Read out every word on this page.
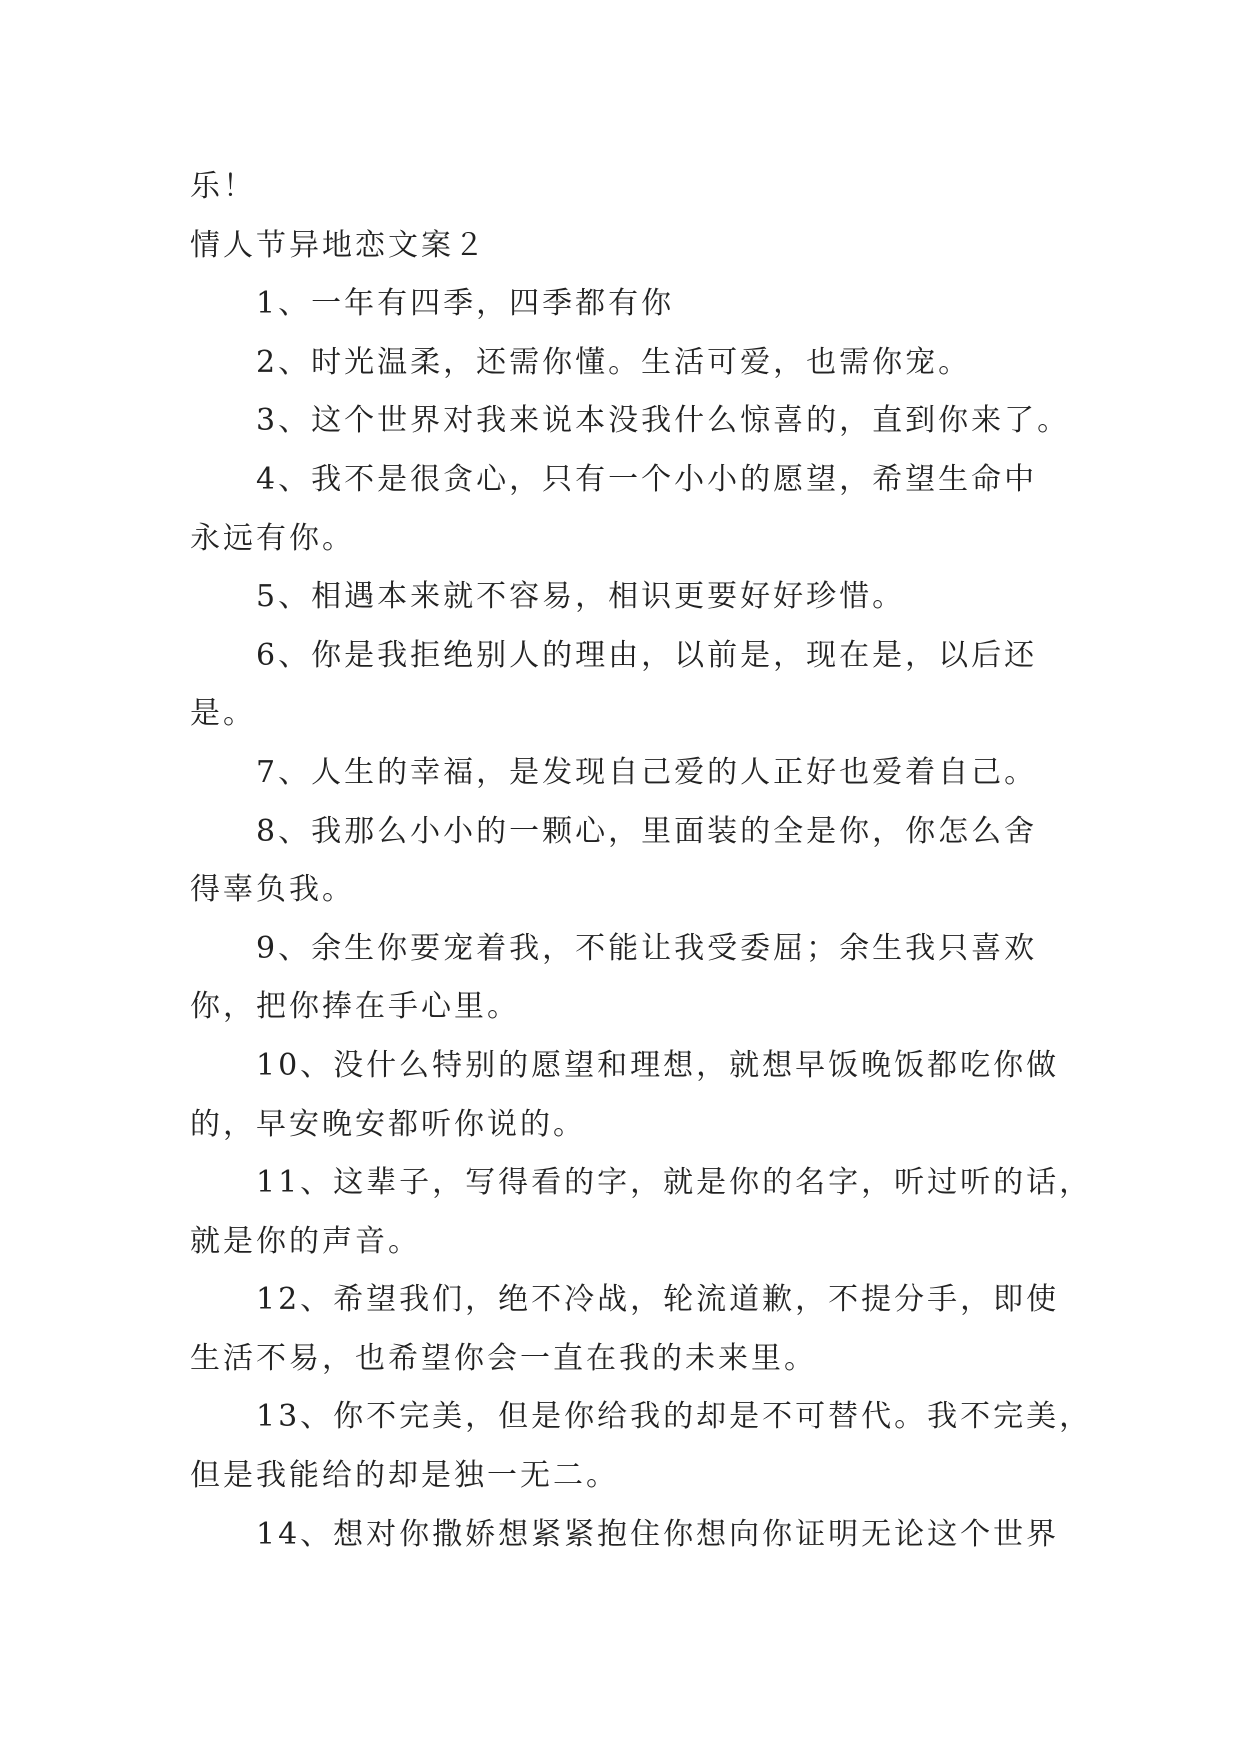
乐！
情人节异地恋文案２
1、一年有四季，四季都有你
2、时光温柔，还需你懂。生活可爱，也需你宠。
3、这个世界对我来说本没我什么惊喜的，直到你来了。
4、我不是很贪心，只有一个小小的愿望，希望生命中
永远有你。
5、相遇本来就不容易，相识更要好好珍惜。
6、你是我拒绝别人的理由，以前是，现在是，以后还
是。
7、人生的幸福，是发现自己爱的人正好也爱着自己。
8、我那么小小的一颗心，里面装的全是你，你怎么舍
得辜负我。
9、余生你要宠着我，不能让我受委屈；余生我只喜欢
你，把你捧在手心里。
10、没什么特别的愿望和理想，就想早饭晚饭都吃你做
的，早安晚安都听你说的。
11、这辈子，写得看的字，就是你的名字，听过听的话，
就是你的声音。
12、希望我们，绝不冷战，轮流道歉，不提分手，即使
生活不易，也希望你会一直在我的未来里。
13、你不完美，但是你给我的却是不可替代。我不完美，
但是我能给的却是独一无二。
14、想对你撒娇想紧紧抱住你想向你证明无论这个世界
